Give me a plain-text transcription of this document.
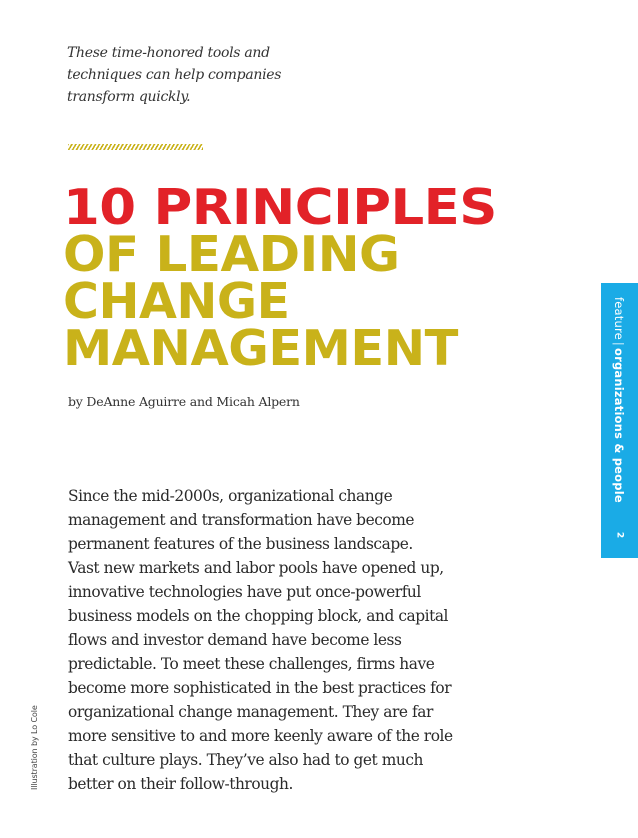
These time-honored tools and
techniques can help companies
transform quickly.
10 PRINCIPLES
OF LEADING
CHANGE
MANAGEMENT
by DeAnne Aguirre and Micah Alpern
Since the mid-2000s, organizational change
management and transformation have become
permanent features of the business landscape.
Vast new markets and labor pools have opened up,
innovative technologies have put once-powerful
business models on the chopping block, and capital
flows and investor demand have become less
predictable. To meet these challenges, firms have
become more sophisticated in the best practices for
organizational change management. They are far
more sensitive to and more keenly aware of the role
that culture plays. They’ve also had to get much
better on their follow-through.
feature|organizations & people
2
Illustration by Lo Cole
